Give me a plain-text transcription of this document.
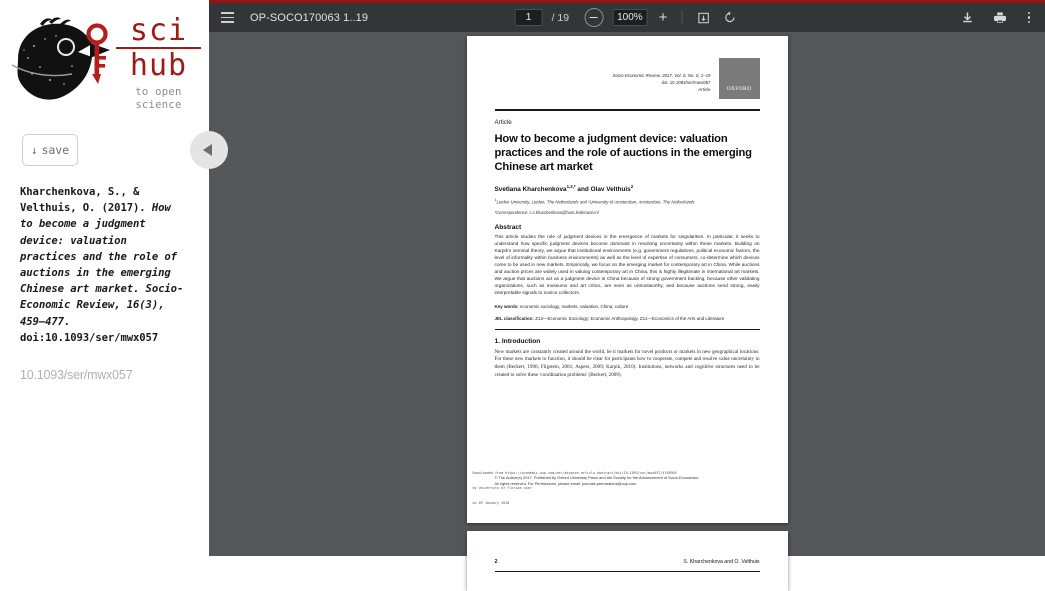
sci
hub
to open
science
↓ save
Kharchenkova, S., & Velthuis, O. (2017). How to become a judgment device: valuation practices and the role of auctions in the emerging Chinese art market. Socio-Economic Review, 16(3), 459—477.
doi:10.1093/ser/mwx057
10.1093/ser/mwx057
OP-SOCO170063 1..19	1	/ 19	100%	+
Socio-Economic Review, 2017, Vol. 0, No. 0, 1–19
doi: 10.1093/ser/mwx057
Article	OXFORD
Article
How to become a judgment device: valuation practices and the role of auctions in the emerging Chinese art market
Svetlana Kharchenkova$^{1,2,*}$ and Olav Velthuis$^2$
$^1$Leiden University, Leiden, The Netherlands and ²University of Amsterdam, Amsterdam, The Netherlands
*Correspondence: s.s.kharchenkova@hum.leidenuniv.nl
Abstract
This article studies the role of judgment devices in the emergence of markets for singularities. In particular, it seeks to understand how specific judgment devices become dominant in resolving uncertainty within these markets. Building on Karpik's seminal theory, we argue that institutional environments (e.g. government regulations, political economic factors, the level of informality within business environments) as well as the level of expertise of consumers, co-determine which devices come to be used in new markets. Empirically, we focus on the emerging market for contemporary art in China. While auctions and auction prices are widely used in valuing contemporary art in China, this is highly illegitimate in international art markets. We argue that auctions act as a judgment device in China because of strong government backing, because other validating organizations, such as museums and art critics, are seen as untrustworthy, and because auctions send strong, easily interpretable signals to novice collectors.
Key words: economic sociology, markets, valuation, China, culture
JEL classification: Z13—Economic Sociology; Economic Anthropology, Z11—Economics of the Arts and Literature
1. Introduction
New markets are constantly created around the world, be it markets for novel products or markets in new geographical locations. For these new markets to function, it should be clear for participants how to cooperate, compete and resolve value uncertainty in them (Beckert, 1996; Fligstein, 2001; Aspers, 2009; Karpik, 2010). Institutions, networks and cognitive structures need to be created to solve these 'coordination problems' (Beckert, 2009).
© The Author(s) 2017. Published by Oxford University Press and the Society for the Advancement of Socio-Economics.
All rights reserved. For Permissions, please email: journals.permissions@oup.com

Downloaded from https://academic.oup.com/ser/advance-article-abstract/doi/10.1093/ser/mwx057/4748905

by University of Florida user

on 09 January 2018

2	S. Kharchenkova and O. Velthuis
